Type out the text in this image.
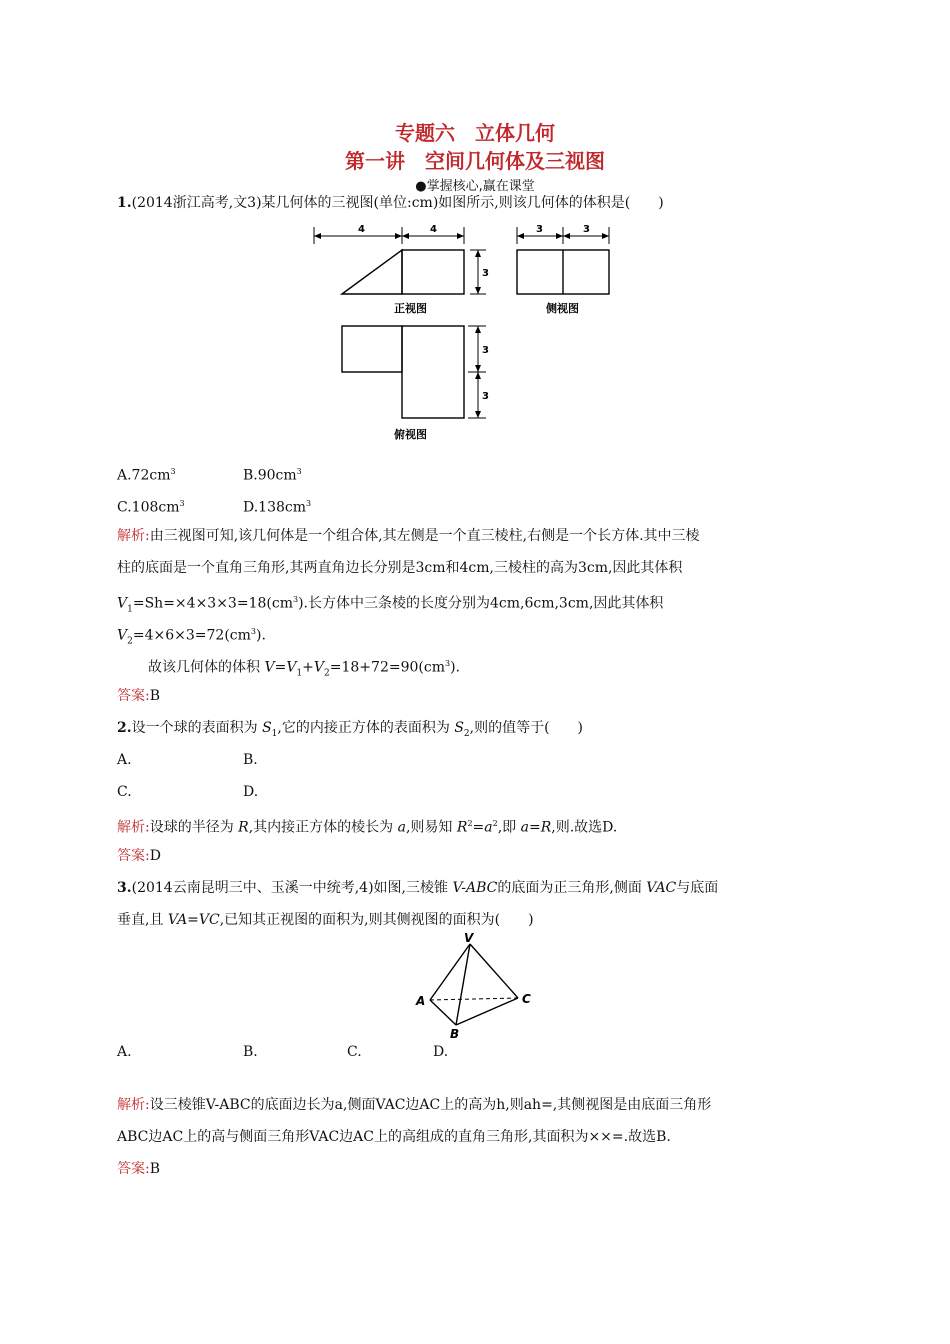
专题六　立体几何
第一讲　空间几何体及三视图
●掌握核心,赢在课堂
1.(2014浙江高考,文3)某几何体的三视图(单位:cm)如图所示,则该几何体的体积是(　　)
4	4
3
3	3
3
3
正视图	侧视图
俯视图
$A.72cm^3$	$B.90cm^3$
$C.108cm^3$	$D.138cm^3$
解析:由三视图可知,该几何体是一个组合体,其左侧是一个直三棱柱,右侧是一个长方体.其中三棱
柱的底面是一个直角三角形,其两直角边长分别是3cm和4cm,三棱柱的高为3cm,因此其体积
$V_1=Sh=\times 4\times 3\times 3=18(cm^3)$.长方体中三条棱的长度分别为4cm,6cm,3cm,因此其体积
$V_2=4\times 6\times 3=72(cm^3)$.
故该几何体的体积 $V=V_1+V_2=18+72=90(cm^3)$.
答案:B
2.设一个球的表面积为 $S_1$,它的内接正方体的表面积为 $S_2$,则的值等于(　　)
A.	B.
C.	D.
解析:设球的半径为 R,其内接正方体的棱长为 a,则易知 $R^2=a^2$,即 a=R,则.故选D.
答案:D
3.(2014云南昆明三中、玉溪一中统考,4)如图,三棱锥 V-ABC的底面为正三角形,侧面 VAC与底面
垂直,且 VA=VC,已知其正视图的面积为,则其侧视图的面积为(　　)
V
A
B
C
A.	B.	C.	D.
解析:设三棱锥V-ABC的底面边长为a,侧面VAC边AC上的高为h,则ah=,其侧视图是由底面三角形
ABC边AC上的高与侧面三角形VAC边AC上的高组成的直角三角形,其面积为××=.故选B.
答案:B
